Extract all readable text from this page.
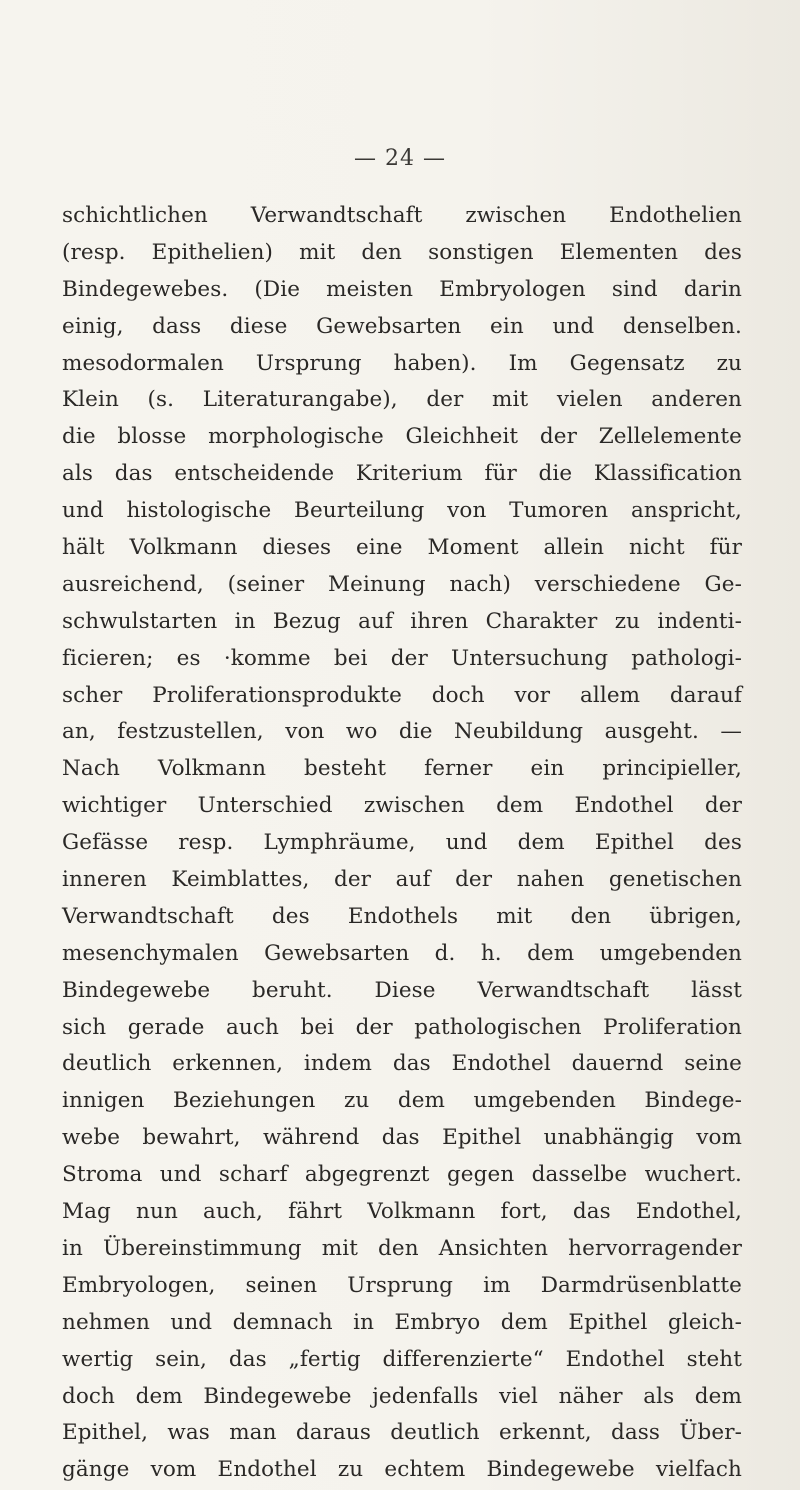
— 24 —
schichtlichen Verwandtschaft zwischen Endothelien
(resp. Epithelien) mit den sonstigen Elementen des
Bindegewebes. (Die meisten Embryologen sind darin
einig, dass diese Gewebsarten ein und denselben.
mesodormalen Ursprung haben). Im Gegensatz zu
Klein (s. Literaturangabe), der mit vielen anderen
die blosse morphologische Gleichheit der Zellelemente
als das entscheidende Kriterium für die Klassification
und histologische Beurteilung von Tumoren anspricht,
hält Volkmann dieses eine Moment allein nicht für
ausreichend, (seiner Meinung nach) verschiedene Ge-
schwulstarten in Bezug auf ihren Charakter zu indenti-
ficieren; es ·komme bei der Untersuchung pathologi-
scher Proliferationsprodukte doch vor allem darauf
an, festzustellen, von wo die Neubildung ausgeht. —
Nach Volkmann besteht ferner ein principieller,
wichtiger Unterschied zwischen dem Endothel der
Gefässe resp. Lymphräume, und dem Epithel des
inneren Keimblattes, der auf der nahen genetischen
Verwandtschaft des Endothels mit den übrigen,
mesenchymalen Gewebsarten d. h. dem umgebenden
Bindegewebe beruht. Diese Verwandtschaft lässt
sich gerade auch bei der pathologischen Proliferation
deutlich erkennen, indem das Endothel dauernd seine
innigen Beziehungen zu dem umgebenden Bindege-
webe bewahrt, während das Epithel unabhängig vom
Stroma und scharf abgegrenzt gegen dasselbe wuchert.
Mag nun auch, fährt Volkmann fort, das Endothel,
in Übereinstimmung mit den Ansichten hervorragender
Embryologen, seinen Ursprung im Darmdrüsenblatte
nehmen und demnach in Embryo dem Epithel gleich-
wertig sein, das „fertig differenzierte“ Endothel steht
doch dem Bindegewebe jedenfalls viel näher als dem
Epithel, was man daraus deutlich erkennt, dass Über-
gänge vom Endothel zu echtem Bindegewebe vielfach
